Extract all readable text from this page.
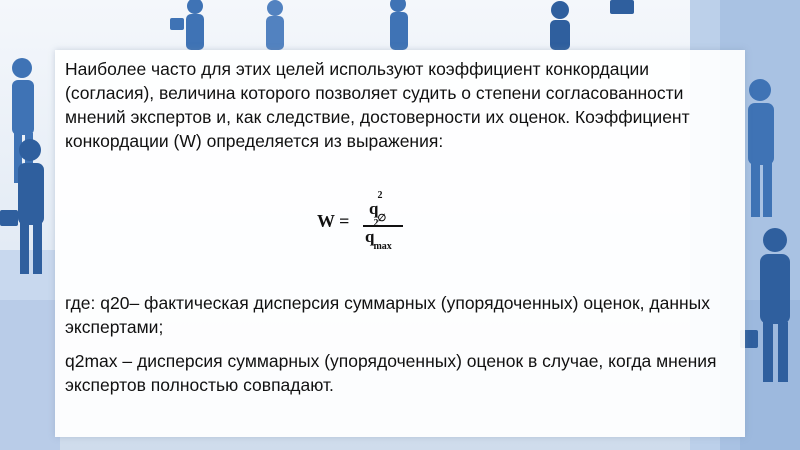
Наиболее часто для этих целей используют коэффициент конкордации (согласия), величина которого позволяет судить о степени согласованности мнений экспертов и, как следствие, достоверности их оценок. Коэффициент конкордации (W) определяется из выражения:

W =
$q^2_\emptyset$
$q^2_{max}$

где: q20– фактическая дисперсия суммарных (упорядоченных) оценок, данных экспертами;

q2max – дисперсия суммарных (упорядоченных) оценок в случае, когда мнения экспертов полностью совпадают.
